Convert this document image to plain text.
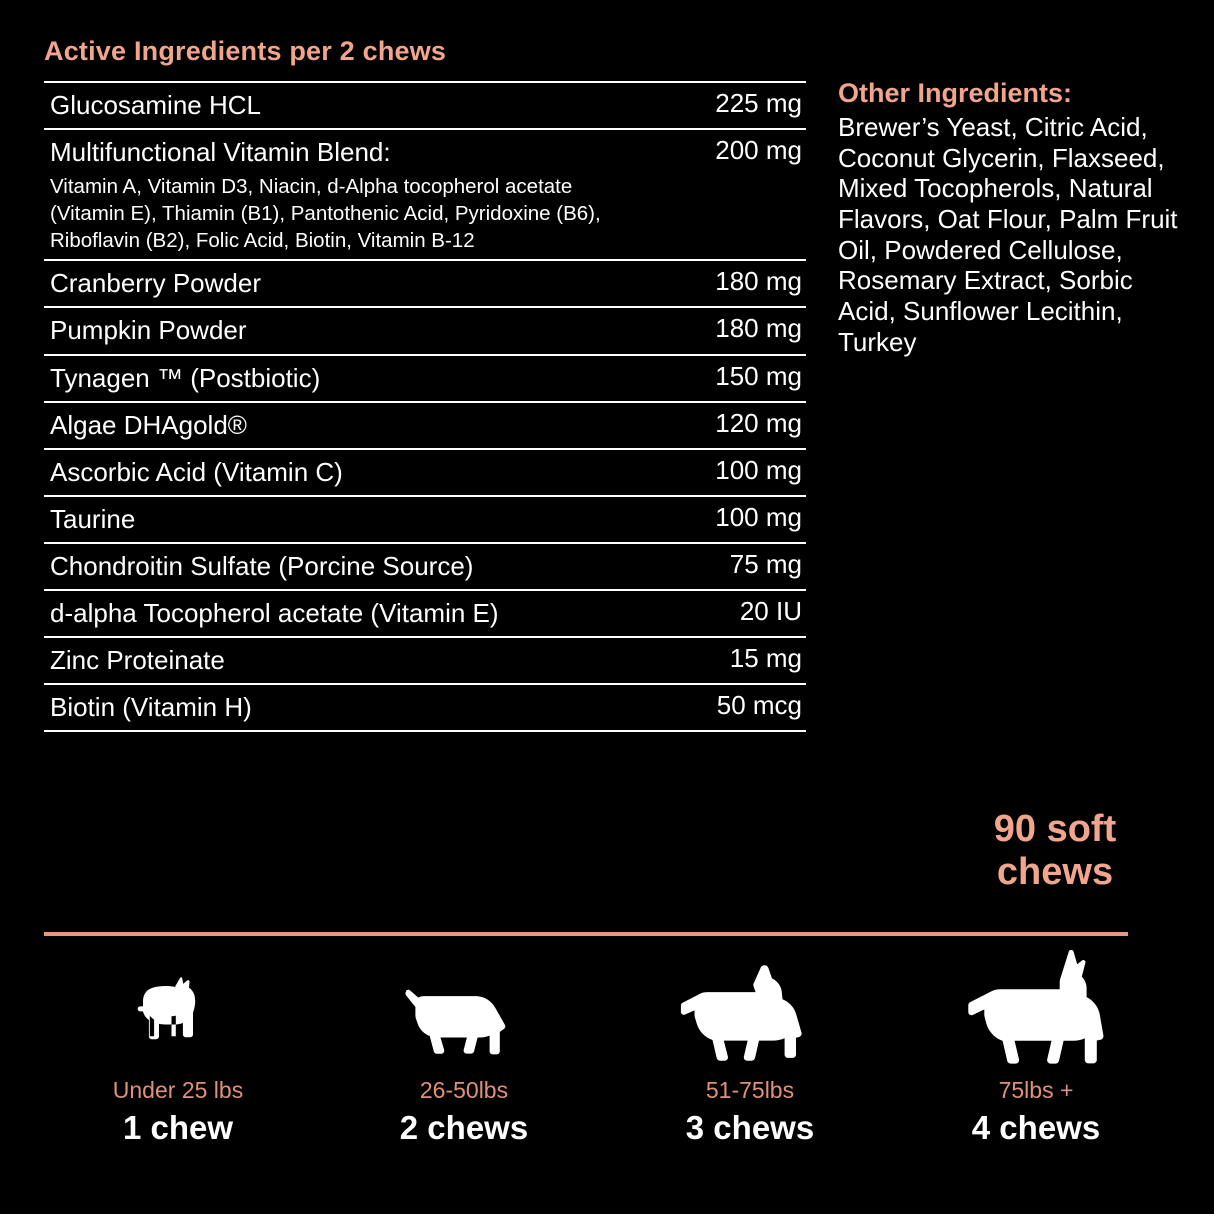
Active Ingredients per 2 chews
Glucosamine HCL	225 mg
Multifunctional Vitamin Blend:
Vitamin A, Vitamin D3, Niacin, d-Alpha tocopherol acetate (Vitamin E), Thiamin (B1), Pantothenic Acid, Pyridoxine (B6), Riboflavin (B2), Folic Acid, Biotin, Vitamin B-12	200 mg
Cranberry Powder	180 mg
Pumpkin Powder	180 mg
Tynagen ™ (Postbiotic)	150 mg
Algae DHAgold®	120 mg
Ascorbic Acid (Vitamin C)	100 mg
Taurine	100 mg
Chondroitin Sulfate (Porcine Source)	75 mg
d-alpha Tocopherol acetate (Vitamin E)	20 IU
Zinc Proteinate	15 mg
Biotin (Vitamin H)	50 mcg
Other Ingredients:
Brewer’s Yeast, Citric Acid, Coconut Glycerin, Flaxseed, Mixed Tocopherols, Natural Flavors, Oat Flour, Palm Fruit Oil, Powdered Cellulose, Rosemary Extract, Sorbic Acid, Sunflower Lecithin, Turkey
90 soft
chews
Under 25 lbs
1 chew
26-50lbs
2 chews
51-75lbs
3 chews
75lbs +
4 chews
